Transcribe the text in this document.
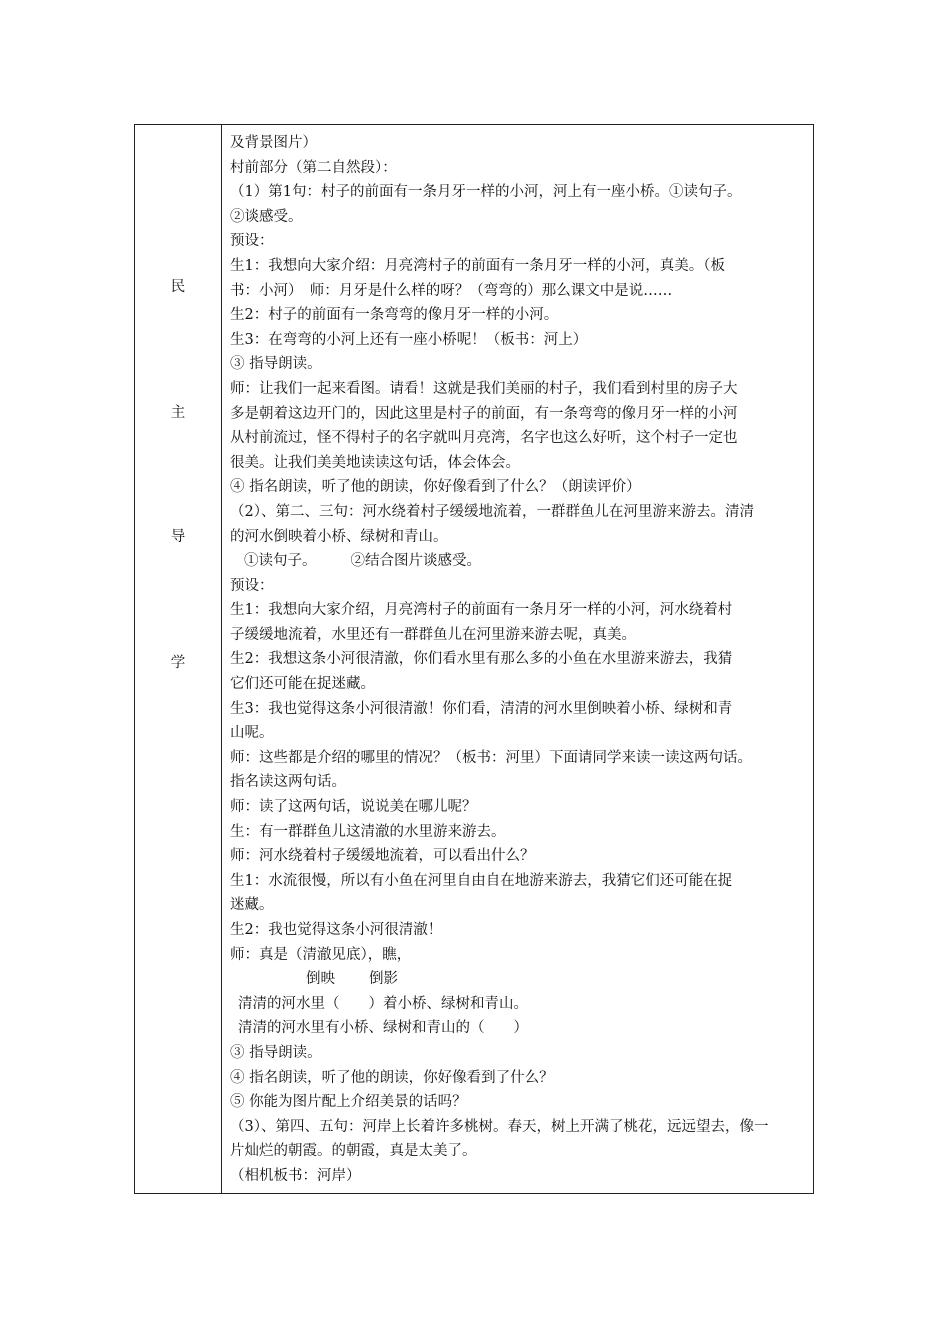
民
主
导
学
及背景图片）
村前部分（第二自然段）：
（1）第1句：村子的前面有一条月牙一样的小河，河上有一座小桥。①读句子。
②谈感受。
预设：
生1：我想向大家介绍：月亮湾村子的前面有一条月牙一样的小河，真美。（板
书：小河）　师：月牙是什么样的呀？（弯弯的）那么课文中是说……
生2：村子的前面有一条弯弯的像月牙一样的小河。
生3：在弯弯的小河上还有一座小桥呢！（板书：河上）
③ 指导朗读。
师：让我们一起来看图。请看！这就是我们美丽的村子，我们看到村里的房子大
多是朝着这边开门的，因此这里是村子的前面，有一条弯弯的像月牙一样的小河
从村前流过，怪不得村子的名字就叫月亮湾，名字也这么好听，这个村子一定也
很美。让我们美美地读读这句话，体会体会。
④ 指名朗读，听了他的朗读，你好像看到了什么？（朗读评价）
（2）、第二、三句：河水绕着村子缓缓地流着，一群群鱼儿在河里游来游去。清清
的河水倒映着小桥、绿树和青山。
①读句子。 ②结合图片谈感受。
预设：
生1：我想向大家介绍，月亮湾村子的前面有一条月牙一样的小河，河水绕着村
子缓缓地流着，水里还有一群群鱼儿在河里游来游去呢，真美。
生2：我想这条小河很清澈，你们看水里有那么多的小鱼在水里游来游去，我猜
它们还可能在捉迷藏。
生3：我也觉得这条小河很清澈！你们看，清清的河水里倒映着小桥、绿树和青
山呢。
师：这些都是介绍的哪里的情况？（板书：河里）下面请同学来读一读这两句话。
指名读这两句话。
师：读了这两句话，说说美在哪儿呢？
生：有一群群鱼儿这清澈的水里游来游去。
师：河水绕着村子缓缓地流着，可以看出什么？
生1：水流很慢，所以有小鱼在河里自由自在地游来游去，我猜它们还可能在捉
迷藏。
生2：我也觉得这条小河很清澈！
师：真是（清澈见底），瞧，
倒映 倒影
清清的河水里（　　）着小桥、绿树和青山。
清清的河水里有小桥、绿树和青山的（　　）
③ 指导朗读。
④ 指名朗读，听了他的朗读，你好像看到了什么？
⑤ 你能为图片配上介绍美景的话吗？
（3）、第四、五句：河岸上长着许多桃树。春天，树上开满了桃花，远远望去，像一
片灿烂的朝霞。的朝霞，真是太美了。
（相机板书：河岸）
